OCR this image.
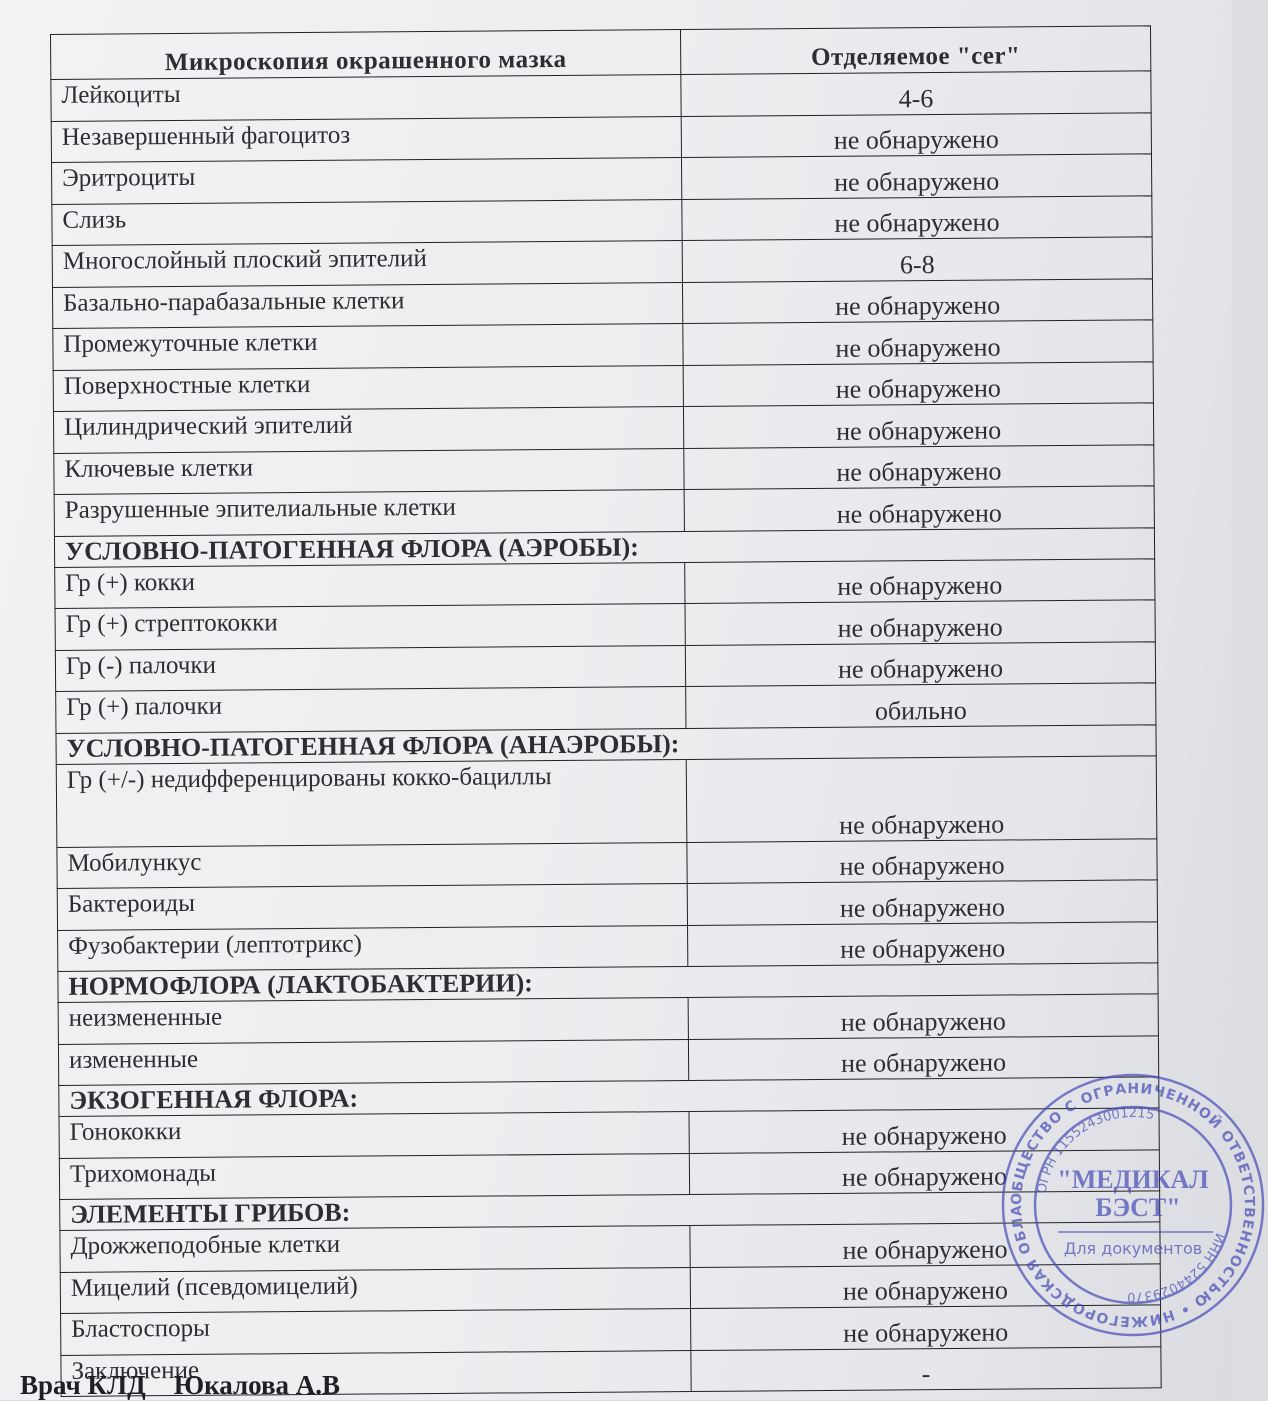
Микроскопия окрашенного мазка	Отделяемое "cer"
Лейкоциты	4-6
Незавершенный фагоцитоз	не обнаружено
Эритроциты	не обнаружено
Слизь	не обнаружено
Многослойный плоский эпителий	6-8
Базально-парабазальные клетки	не обнаружено
Промежуточные клетки	не обнаружено
Поверхностные клетки	не обнаружено
Цилиндрический эпителий	не обнаружено
Ключевые клетки	не обнаружено
Разрушенные эпителиальные клетки	не обнаружено
УСЛОВНО-ПАТОГЕННАЯ ФЛОРА (АЭРОБЫ):	
Гр (+) кокки	не обнаружено
Гр (+) стрептококки	не обнаружено
Гр (-) палочки	не обнаружено
Гр (+) палочки	обильно
УСЛОВНО-ПАТОГЕННАЯ ФЛОРА (АНАЭРОБЫ):	
Гр (+/-) недифференцированы кокко-бациллы	не обнаружено
Мобилункус	не обнаружено
Бактероиды	не обнаружено
Фузобактерии (лептотрикс)	не обнаружено
НОРМОФЛОРА (ЛАКТОБАКТЕРИИ):	
неизмененные	не обнаружено
измененные	не обнаружено
ЭКЗОГЕННАЯ ФЛОРА:	
Гонококки	не обнаружено
Трихомонады	не обнаружено
ЭЛЕМЕНТЫ ГРИБОВ:	
Дрожжеподобные клетки	не обнаружено
Мицелий (псевдомицелий)	не обнаружено
Бластоспоры	не обнаружено
Заключение	-
ОБЩЕСТВО С ОГРАНИЧЕННОЙ ОТВЕТСТВЕННОСТЬЮ • НИЖЕГОРОДСКАЯ ОБЛА
ОГРН 1155243001215
ИНН 5244029370
"МЕДИКАЛ
БЭСТ"
Для документов
Врач КЛД Юкалова А.В
